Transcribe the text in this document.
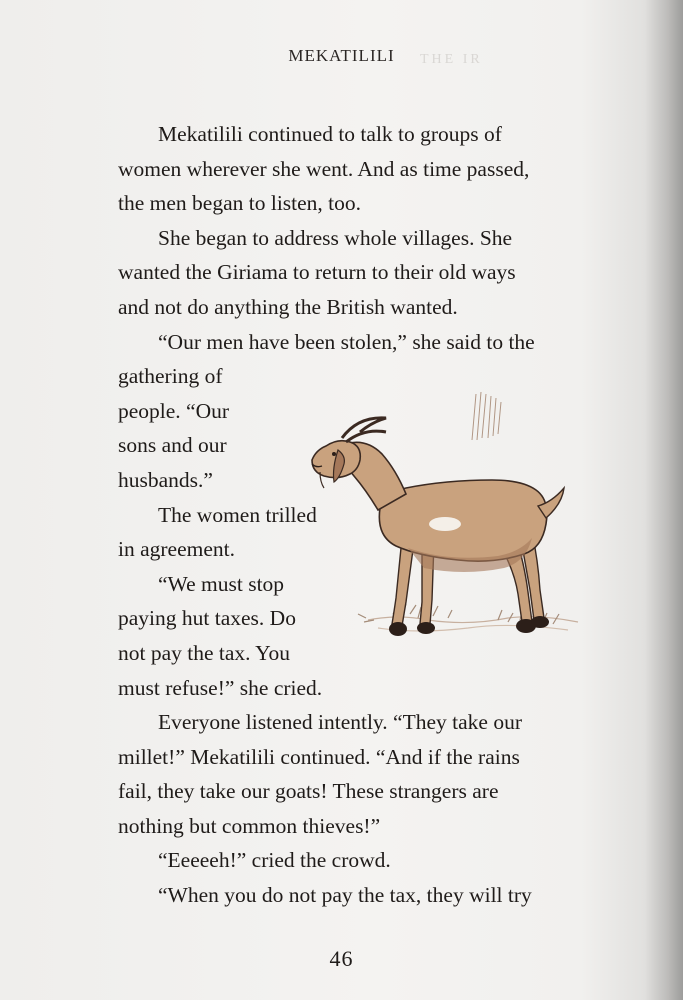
THE IR
MEKATILILI
Mekatilili continued to talk to groups of
women wherever she went. And as time passed,
the men began to listen, too.
She began to address whole villages. She
wanted the Giriama to return to their old ways
and not do anything the British wanted.
“Our men have been stolen,” she said to the
gathering of
people. “Our
sons and our
husbands.”
The women trilled
in agreement.
“We must stop
paying hut taxes. Do
not pay the tax. You
must refuse!” she cried.
Everyone listened intently. “They take our
millet!” Mekatilili continued. “And if the rains
fail, they take our goats! These strangers are
nothing but common thieves!”
“Eeeeeh!” cried the crowd.
“When you do not pay the tax, they will try
46
